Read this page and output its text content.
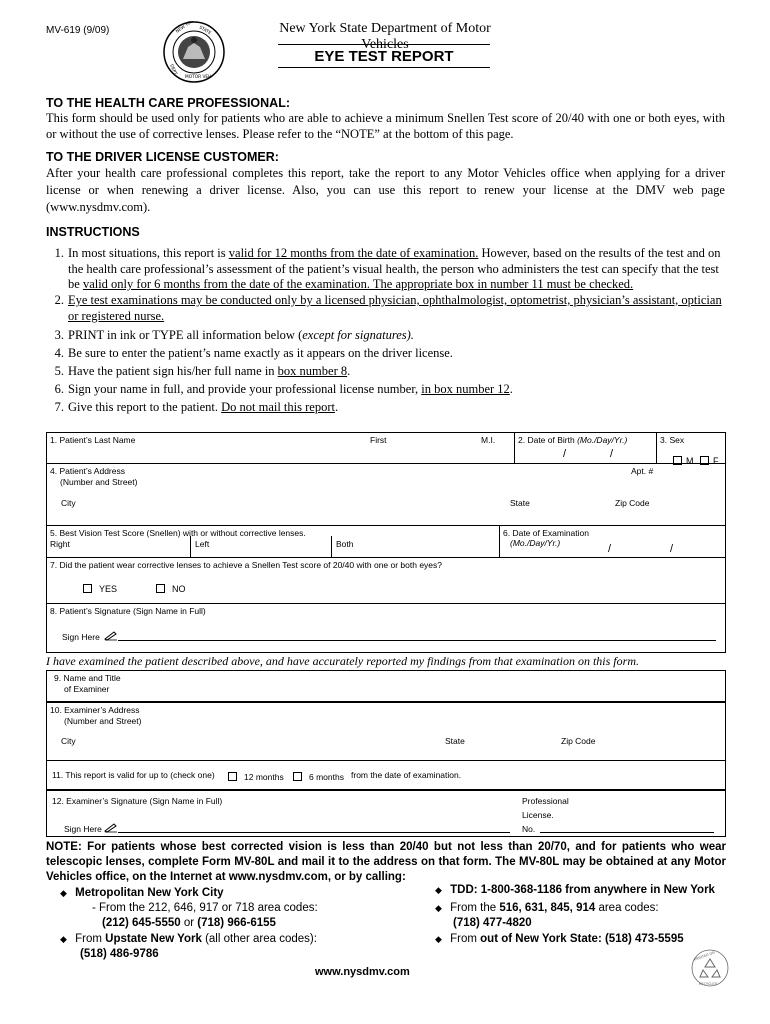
MV-619 (9/09)	NEW YORK STATE
DEPT
MOTOR VEH
New York State Department of Motor Vehicles
EYE TEST REPORT
TO THE HEALTH CARE PROFESSIONAL:
This form should be used only for patients who are able to achieve a minimum Snellen Test score of 20/40 with one or both eyes, with or without the use of corrective lenses. Please refer to the “NOTE” at the bottom of this page.
TO THE DRIVER LICENSE CUSTOMER:
After your health care professional completes this report, take the report to any Motor Vehicles office when applying for a driver license or when renewing a driver license. Also, you can use this report to renew your license at the DMV web page (www.nysdmv.com).
INSTRUCTIONS
1. In most situations, this report is valid for 12 months from the date of examination. However, based on the results of the test and on the health care professional’s assessment of the patient’s visual health, the person who administers the test can specify that the test be valid only for 6 months from the date of the examination. The appropriate box in number 11 must be checked.
2. Eye test examinations may be conducted only by a licensed physician, ophthalmologist, optometrist, physician’s assistant, optician or registered nurse.
3. PRINT in ink or TYPE all information below (except for signatures).
4. Be sure to enter the patient’s name exactly as it appears on the driver license.
5. Have the patient sign his/her full name in box number 8.
6. Sign your name in full, and provide your professional license number, in box number 12.
7. Give this report to the patient. Do not mail this report.
1. Patient’s Last Name	First	M.I.	2. Date of Birth (Mo./Day/Yr.)
/	/
3. Sex
M	F
4. Patient’s Address
(Number and Street)
Apt. #
City	State	Zip Code
5. Best Vision Test Score (Snellen) with or without corrective lenses.
Right	Left	Both
6. Date of Examination
(Mo./Day/Yr.)	/	/
7. Did the patient wear corrective lenses to achieve a Snellen Test score of 20/40 with one or both eyes?
YES	NO
8. Patient’s Signature (Sign Name in Full)
Sign Here
I have examined the patient described above, and have accurately reported my findings from that examination on this form.
9. Name and Title
of Examiner
10. Examiner’s Address
(Number and Street)
City	State	Zip Code
11. This report is valid for up to (check one)	12 months	6 months from the date of examination.
12. Examiner’s Signature (Sign Name in Full)
Sign Here
Professional
License.
No.
NOTE: For patients whose best corrected vision is less than 20/40 but not less than 20/70, and for patients who wear telescopic lenses, complete Form MV-80L and mail it to the address on that form. The MV-80L may be obtained at any Motor Vehicles office, on the Internet at www.nysdmv.com, or by calling:
◆ Metropolitan New York City
- From the 212, 646, 917 or 718 area codes:
(212) 645-5550 or (718) 966-6155
◆ From Upstate New York (all other area codes):
(518) 486-9786
◆ TDD: 1-800-368-1186 from anywhere in New York
◆ From the 516, 631, 845, 914 area codes:
(718) 477-4820
◆ From out of New York State: (518) 473-5595
www.nysdmv.com
PRINTED ON
RECYCLED
